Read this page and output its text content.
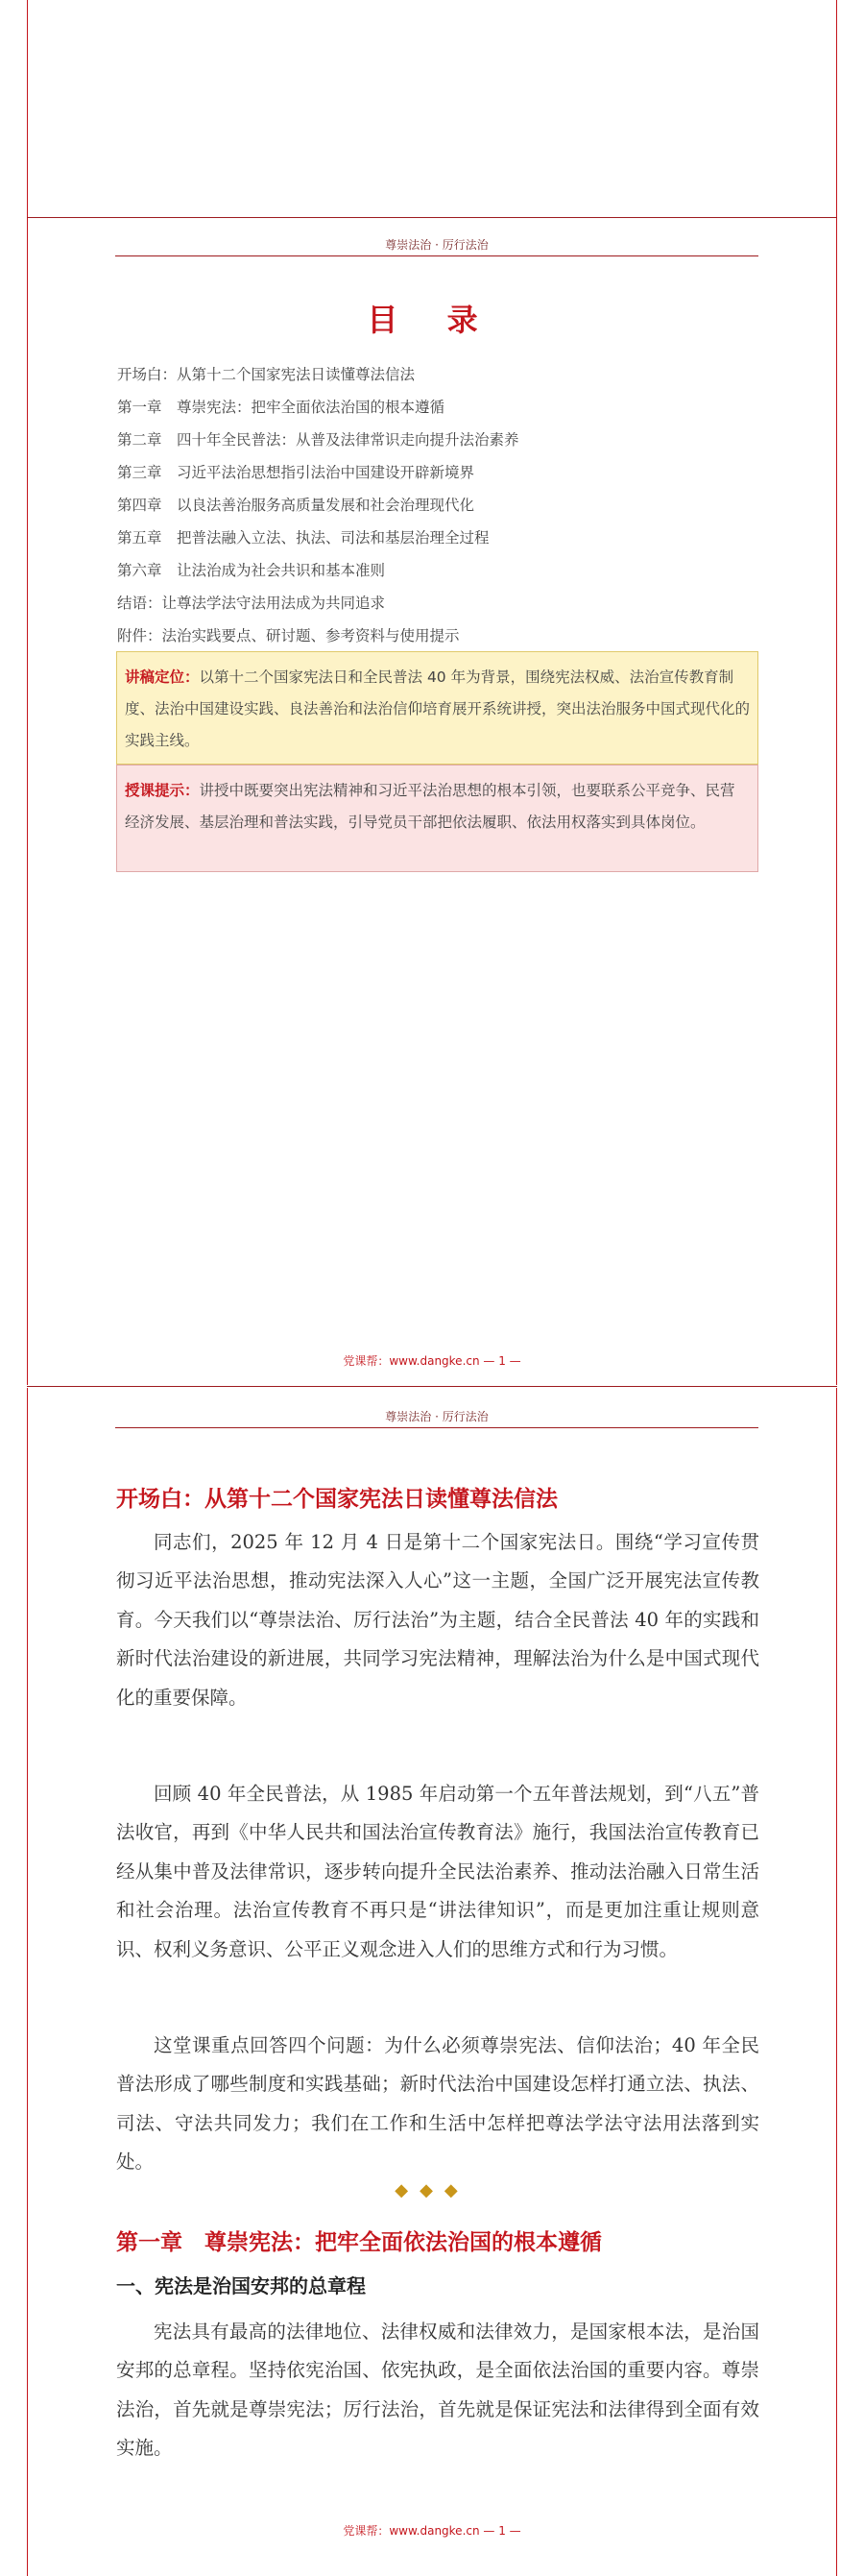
尊崇法治 · 厉行法治
目 录
开场白：从第十二个国家宪法日读懂尊法信法
第一章　尊崇宪法：把牢全面依法治国的根本遵循
第二章　四十年全民普法：从普及法律常识走向提升法治素养
第三章　习近平法治思想指引法治中国建设开辟新境界
第四章　以良法善治服务高质量发展和社会治理现代化
第五章　把普法融入立法、执法、司法和基层治理全过程
第六章　让法治成为社会共识和基本准则
结语：让尊法学法守法用法成为共同追求
附件：法治实践要点、研讨题、参考资料与使用提示
讲稿定位：以第十二个国家宪法日和全民普法 40 年为背景，围绕宪法权威、法治宣传教育制度、法治中国建设实践、良法善治和法治信仰培育展开系统讲授，突出法治服务中国式现代化的实践主线。
授课提示：讲授中既要突出宪法精神和习近平法治思想的根本引领，也要联系公平竞争、民营经济发展、基层治理和普法实践，引导党员干部把依法履职、依法用权落实到具体岗位。
党课帮：www.dangke.cn — 1 —
尊崇法治 · 厉行法治
开场白：从第十二个国家宪法日读懂尊法信法
同志们，2025 年 12 月 4 日是第十二个国家宪法日。围绕“学习宣传贯彻习近平法治思想，推动宪法深入人心”这一主题，全国广泛开展宪法宣传教育。今天我们以“尊崇法治、厉行法治”为主题，结合全民普法 40 年的实践和新时代法治建设的新进展，共同学习宪法精神，理解法治为什么是中国式现代化的重要保障。
回顾 40 年全民普法，从 1985 年启动第一个五年普法规划，到“八五”普法收官，再到《中华人民共和国法治宣传教育法》施行，我国法治宣传教育已经从集中普及法律常识，逐步转向提升全民法治素养、推动法治融入日常生活和社会治理。法治宣传教育不再只是“讲法律知识”，而是更加注重让规则意识、权利义务意识、公平正义观念进入人们的思维方式和行为习惯。
这堂课重点回答四个问题：为什么必须尊崇宪法、信仰法治；40 年全民普法形成了哪些制度和实践基础；新时代法治中国建设怎样打通立法、执法、司法、守法共同发力；我们在工作和生活中怎样把尊法学法守法用法落到实处。
◆◆◆
第一章　尊崇宪法：把牢全面依法治国的根本遵循
一、宪法是治国安邦的总章程
宪法具有最高的法律地位、法律权威和法律效力，是国家根本法，是治国安邦的总章程。坚持依宪治国、依宪执政，是全面依法治国的重要内容。尊崇法治，首先就是尊崇宪法；厉行法治，首先就是保证宪法和法律得到全面有效实施。
党课帮：www.dangke.cn — 1 —
